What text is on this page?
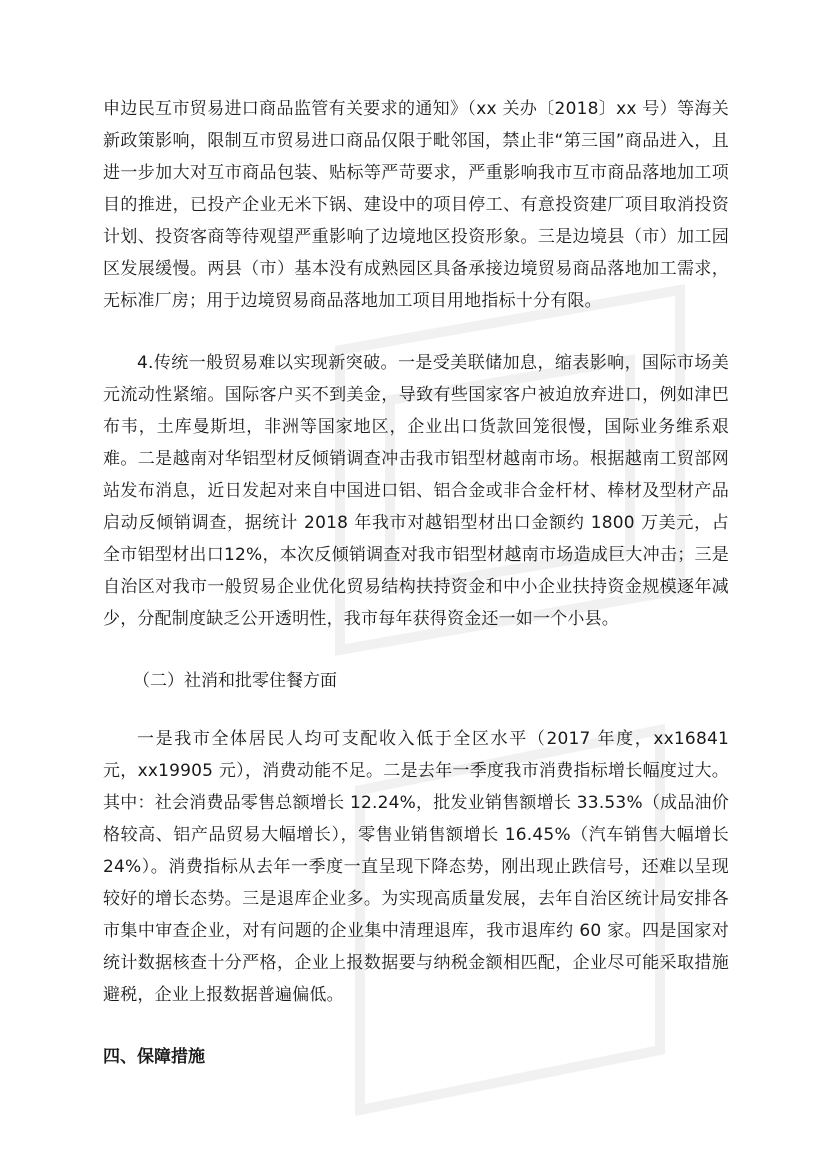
申边民互市贸易进口商品监管有关要求的通知》（xx 关办〔2018〕xx 号）等海关新政策影响，限制互市贸易进口商品仅限于毗邻国，禁止非“第三国”商品进入，且进一步加大对互市商品包装、贴标等严苛要求，严重影响我市互市商品落地加工项目的推进，已投产企业无米下锅、建设中的项目停工、有意投资建厂项目取消投资计划、投资客商等待观望严重影响了边境地区投资形象。三是边境县（市）加工园区发展缓慢。两县（市）基本没有成熟园区具备承接边境贸易商品落地加工需求，无标准厂房；用于边境贸易商品落地加工项目用地指标十分有限。

4.传统一般贸易难以实现新突破。一是受美联储加息，缩表影响，国际市场美元流动性紧缩。国际客户买不到美金，导致有些国家客户被迫放弃进口，例如津巴布韦，土库曼斯坦，非洲等国家地区，企业出口货款回笼很慢，国际业务维系艰难。二是越南对华铝型材反倾销调查冲击我市铝型材越南市场。根据越南工贸部网站发布消息，近日发起对来自中国进口铝、铝合金或非合金杆材、棒材及型材产品启动反倾销调查，据统计 2018 年我市对越铝型材出口金额约 1800 万美元，占全市铝型材出口12%，本次反倾销调查对我市铝型材越南市场造成巨大冲击；三是自治区对我市一般贸易企业优化贸易结构扶持资金和中小企业扶持资金规模逐年减少，分配制度缺乏公开透明性，我市每年获得资金还一如一个小县。

（二）社消和批零住餐方面

一是我市全体居民人均可支配收入低于全区水平（2017 年度，xx16841 元，xx19905 元），消费动能不足。二是去年一季度我市消费指标增长幅度过大。其中：社会消费品零售总额增长 12.24%，批发业销售额增长 33.53%（成品油价格较高、铝产品贸易大幅增长），零售业销售额增长 16.45%（汽车销售大幅增长 24%）。消费指标从去年一季度一直呈现下降态势，刚出现止跌信号，还难以呈现较好的增长态势。三是退库企业多。为实现高质量发展，去年自治区统计局安排各市集中审查企业，对有问题的企业集中清理退库，我市退库约 60 家。四是国家对统计数据核查十分严格，企业上报数据要与纳税金额相匹配，企业尽可能采取措施避税，企业上报数据普遍偏低。

四、保障措施
